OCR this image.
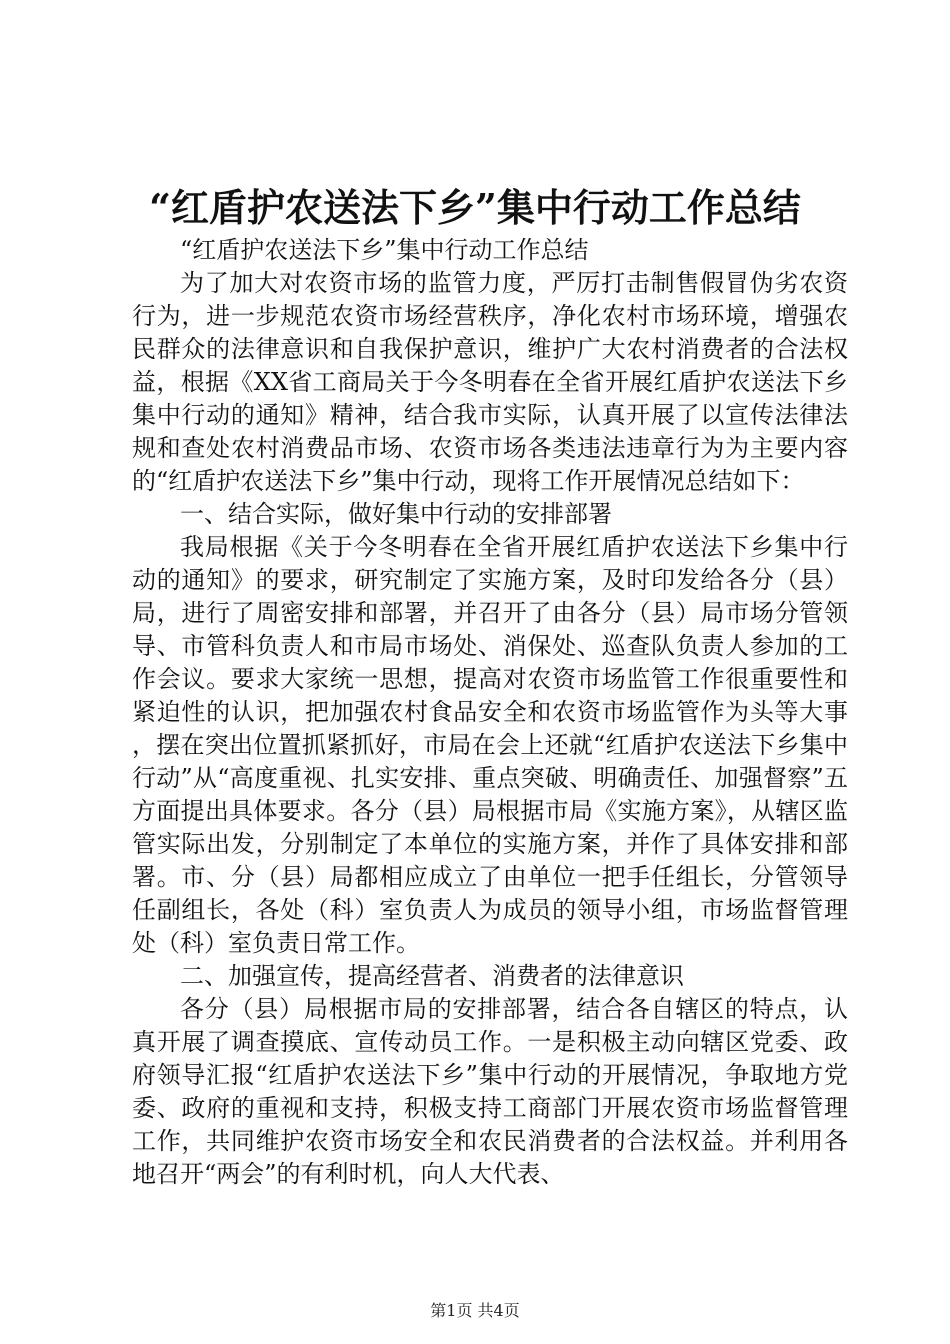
“红盾护农送法下乡”集中行动工作总结

“红盾护农送法下乡”集中行动工作总结

为了加大对农资市场的监管力度，严厉打击制售假冒伪劣农资行为，进一步规范农资市场经营秩序，净化农村市场环境，增强农民群众的法律意识和自我保护意识，维护广大农村消费者的合法权益，根据《XX省工商局关于今冬明春在全省开展红盾护农送法下乡集中行动的通知》精神，结合我市实际，认真开展了以宣传法律法规和查处农村消费品市场、农资市场各类违法违章行为为主要内容的“红盾护农送法下乡”集中行动，现将工作开展情况总结如下：

一、结合实际，做好集中行动的安排部署

我局根据《关于今冬明春在全省开展红盾护农送法下乡集中行动的通知》的要求，研究制定了实施方案，及时印发给各分（县）局，进行了周密安排和部署，并召开了由各分（县）局市场分管领导、市管科负责人和市局市场处、消保处、巡查队负责人参加的工作会议。要求大家统一思想，提高对农资市场监管工作很重要性和紧迫性的认识，把加强农村食品安全和农资市场监管作为头等大事，摆在突出位置抓紧抓好，市局在会上还就“红盾护农送法下乡集中行动”从“高度重视、扎实安排、重点突破、明确责任、加强督察”五方面提出具体要求。各分（县）局根据市局《实施方案》，从辖区监管实际出发，分别制定了本单位的实施方案，并作了具体安排和部署。市、分（县）局都相应成立了由单位一把手任组长，分管领导任副组长，各处（科）室负责人为成员的领导小组，市场监督管理处（科）室负责日常工作。

二、加强宣传，提高经营者、消费者的法律意识

各分（县）局根据市局的安排部署，结合各自辖区的特点，认真开展了调查摸底、宣传动员工作。一是积极主动向辖区党委、政府领导汇报“红盾护农送法下乡”集中行动的开展情况，争取地方党委、政府的重视和支持，积极支持工商部门开展农资市场监督管理工作，共同维护农资市场安全和农民消费者的合法权益。并利用各地召开“两会”的有利时机，向人大代表、

第1页 共4页
